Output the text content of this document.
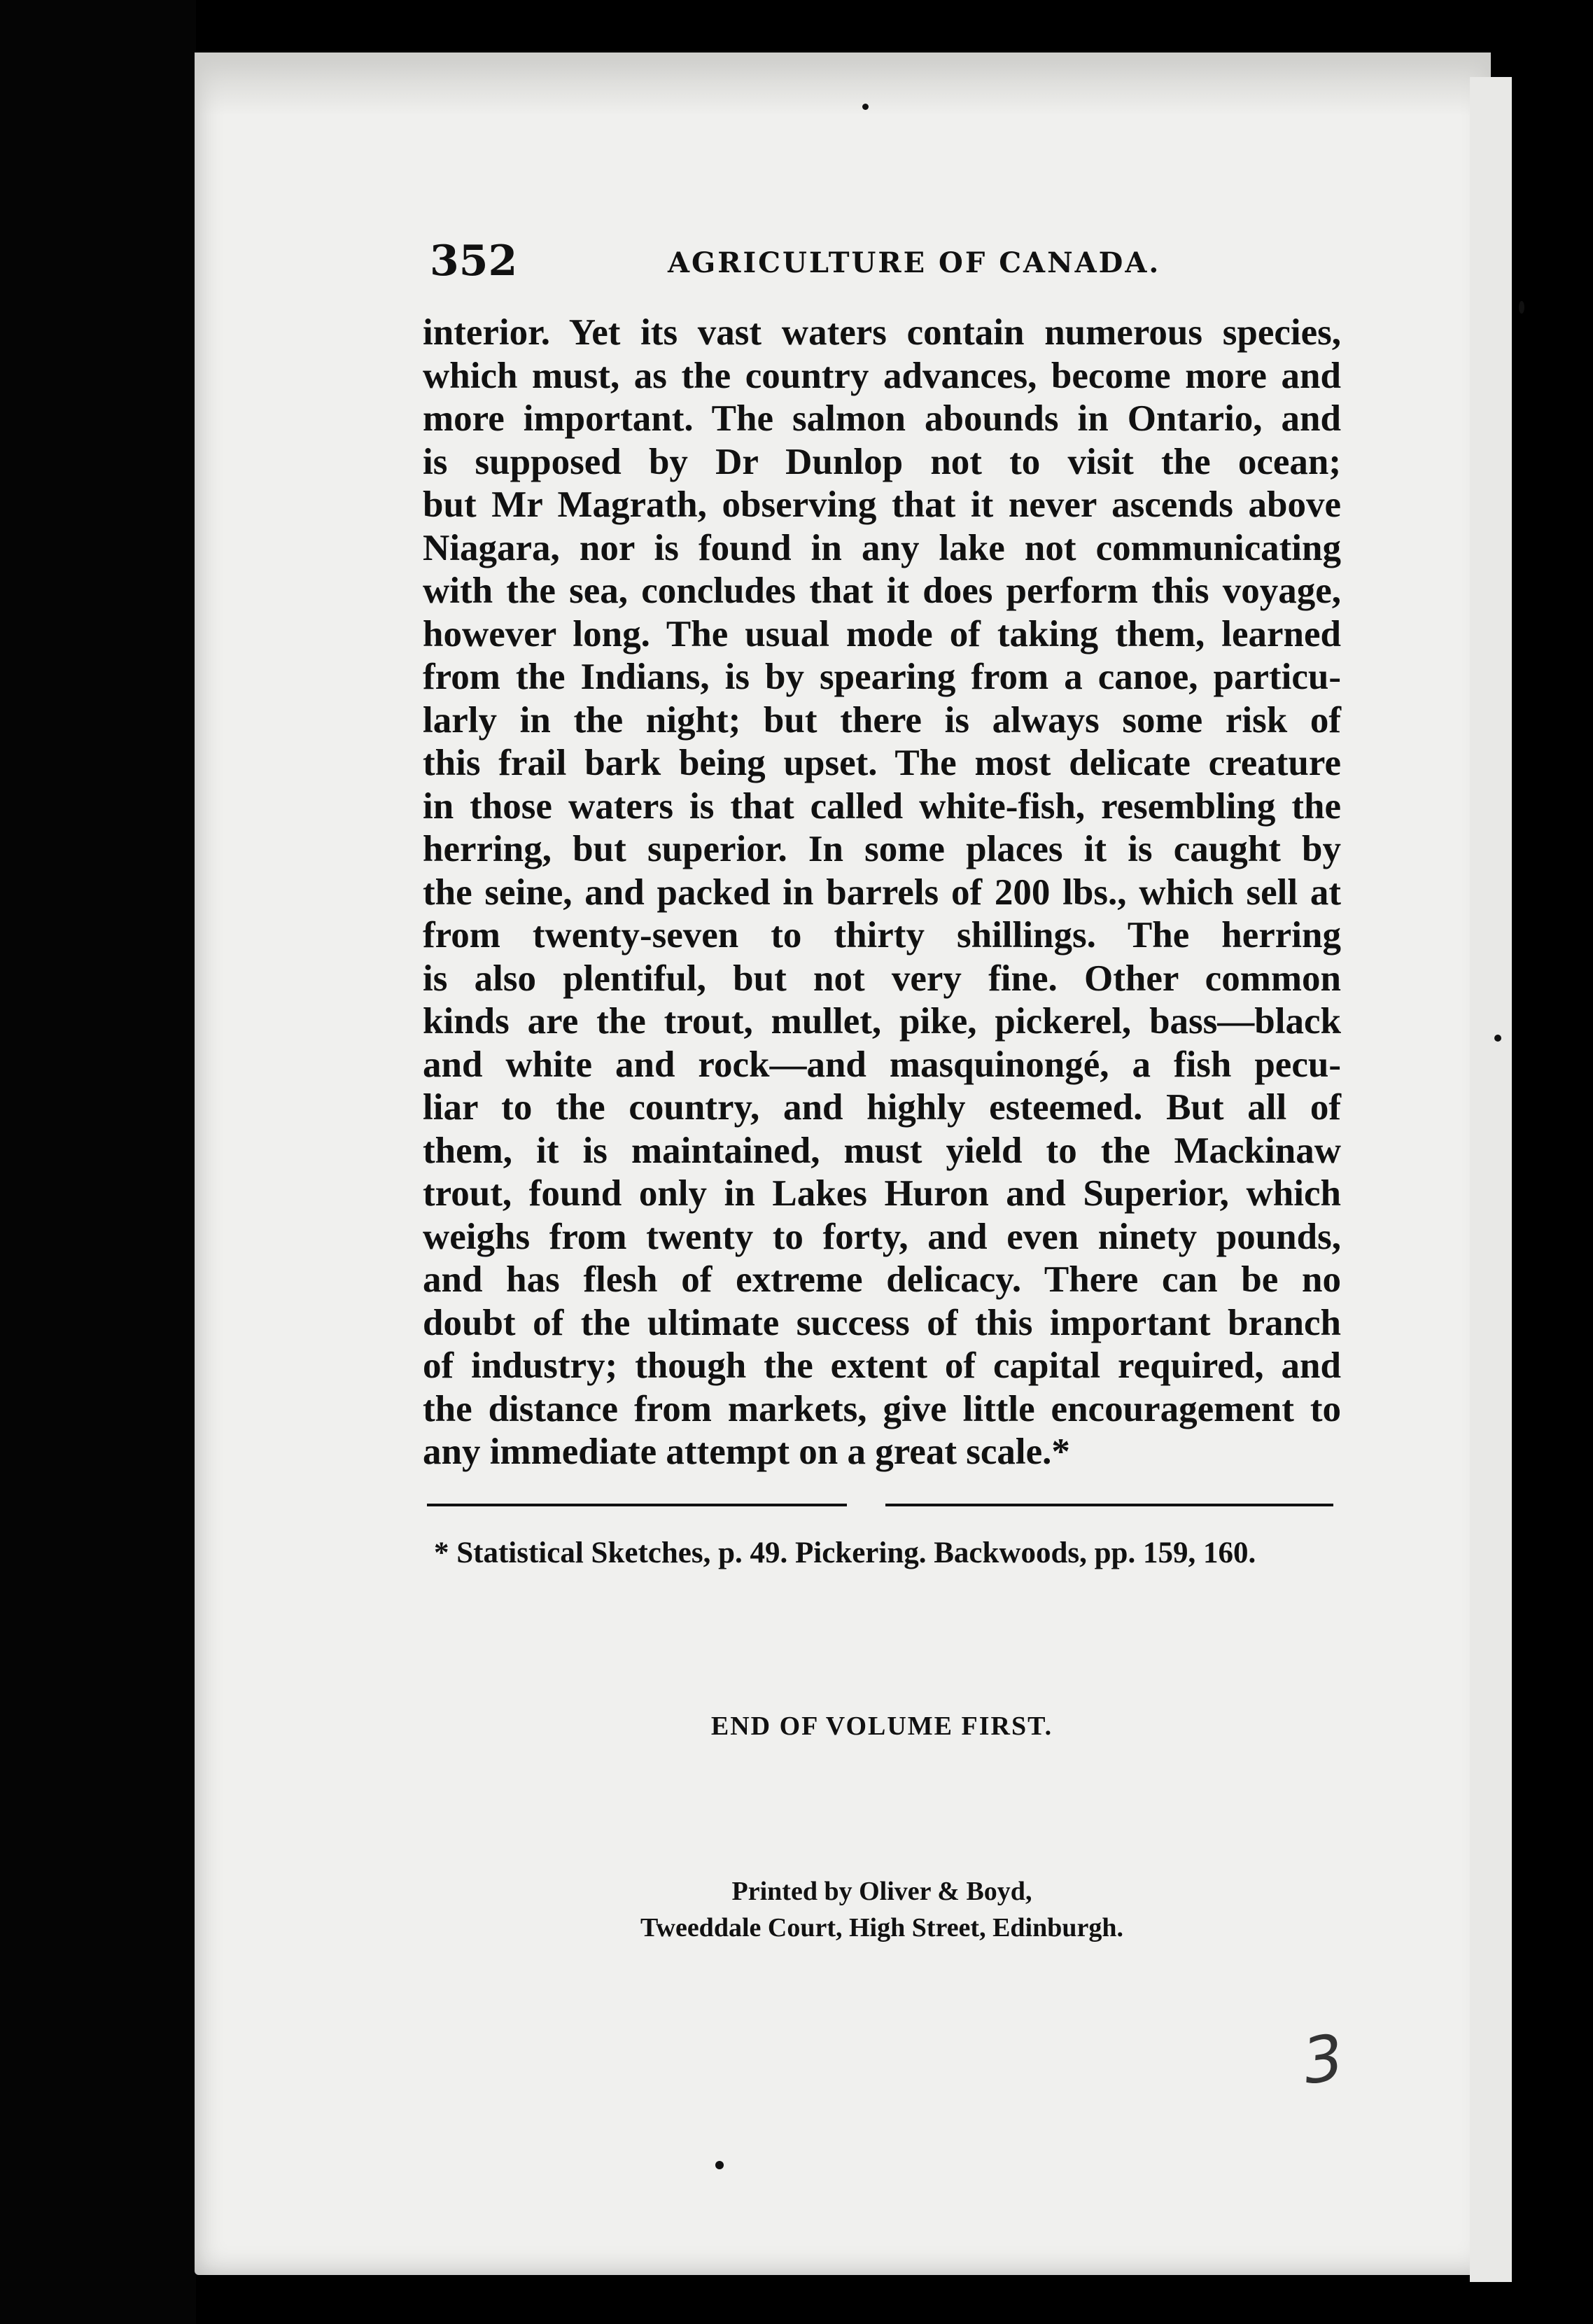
352	AGRICULTURE OF CANADA.
interior. Yet its vast waters contain numerous species,
which must, as the country advances, become more and
more important. The salmon abounds in Ontario, and
is supposed by Dr Dunlop not to visit the ocean;
but Mr Magrath, observing that it never ascends above
Niagara, nor is found in any lake not communicating
with the sea, concludes that it does perform this voyage,
however long. The usual mode of taking them, learned
from the Indians, is by spearing from a canoe, particu-
larly in the night; but there is always some risk of
this frail bark being upset. The most delicate creature
in those waters is that called white-fish, resembling the
herring, but superior. In some places it is caught by
the seine, and packed in barrels of 200 lbs., which sell at
from twenty-seven to thirty shillings. The herring
is also plentiful, but not very fine. Other common
kinds are the trout, mullet, pike, pickerel, bass—black
and white and rock—and masquinongé, a fish pecu-
liar to the country, and highly esteemed. But all of
them, it is maintained, must yield to the Mackinaw
trout, found only in Lakes Huron and Superior, which
weighs from twenty to forty, and even ninety pounds,
and has flesh of extreme delicacy. There can be no
doubt of the ultimate success of this important branch
of industry; though the extent of capital required, and
the distance from markets, give little encouragement to
any immediate attempt on a great scale.*
* Statistical Sketches, p. 49. Pickering. Backwoods, pp. 159, 160.
END OF VOLUME FIRST.
Printed by Oliver & Boyd,
Tweeddale Court, High Street, Edinburgh.
3
